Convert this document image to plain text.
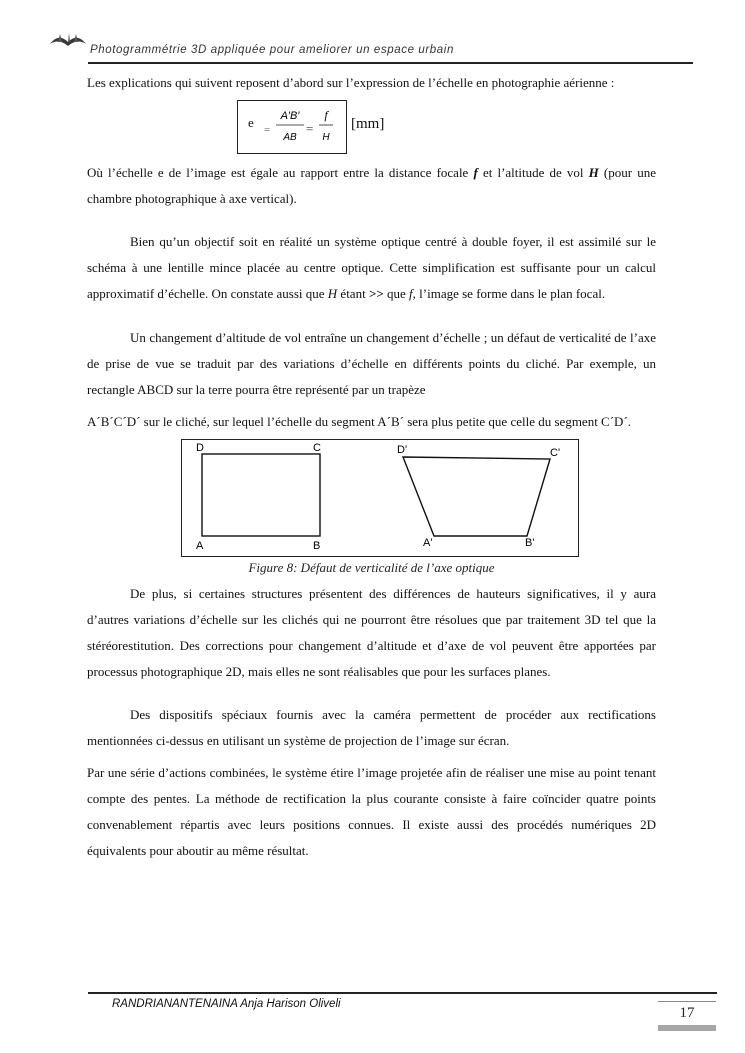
Photogrammétrie 3D appliquée pour ameliorer un espace urbain

Les explications qui suivent reposent d’abord sur l’expression de l’échelle en photographie aérienne :

e =
A′B′
AB
=
f
H
[mm]

Où l’échelle e de l’image est égale au rapport entre la distance focale f et l’altitude de vol H (pour une chambre photographique à axe vertical).

Bien qu’un objectif soit en réalité un système optique centré à double foyer, il est assimilé sur le schéma à une lentille mince placée au centre optique. Cette simplification est suffisante pour un calcul approximatif d’échelle. On constate aussi que H étant >> que f, l’image se forme dans le plan focal.

Un changement d’altitude de vol entraîne un changement d’échelle ; un défaut de verticalité de l’axe de prise de vue se traduit par des variations d’échelle en différents points du cliché. Par exemple, un rectangle ABCD sur la terre pourra être représenté par un trapèze

A´B´C´D´ sur le cliché, sur lequel l’échelle du segment A´B´ sera plus petite que celle du segment C´D´.

D	C
A	B
D'	C'
A'	B'

Figure 8: Défaut de verticalité de l’axe optique

De plus, si certaines structures présentent des différences de hauteurs significatives, il y aura d’autres variations d’échelle sur les clichés qui ne pourront être résolues que par traitement 3D tel que la stéréorestitution. Des corrections pour changement d’altitude et d’axe de vol peuvent être apportées par processus photographique 2D, mais elles ne sont réalisables que pour les surfaces planes.

Des dispositifs spéciaux fournis avec la caméra permettent de procéder aux rectifications mentionnées ci-dessus en utilisant un système de projection de l’image sur écran.

Par une série d’actions combinées, le système étire l’image projetée afin de réaliser une mise au point tenant compte des pentes. La méthode de rectification la plus courante consiste à faire coïncider quatre points convenablement répartis avec leurs positions connues. Il existe aussi des procédés numériques 2D équivalents pour aboutir au même résultat.

RANDRIANANTENAINA Anja Harison Oliveli
17
